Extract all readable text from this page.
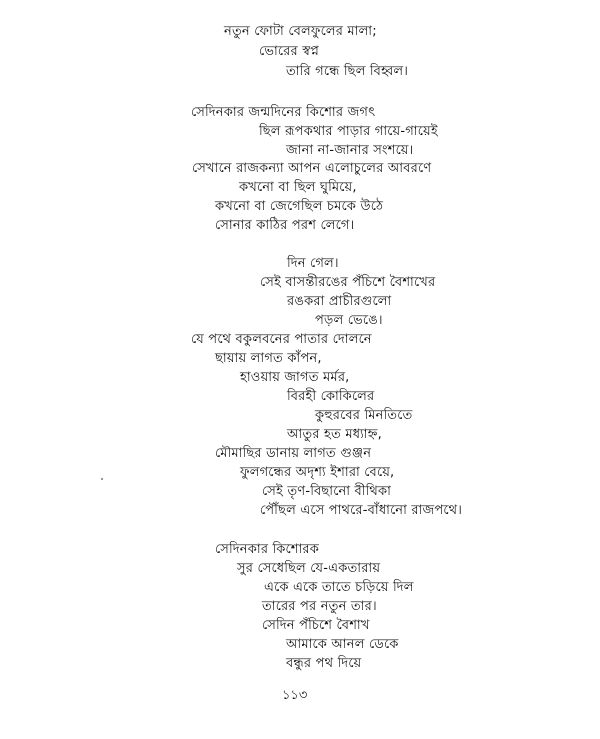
নতুন ফোটা বেলফুলের মালা;
ভোরের স্বপ্ন
তারি গন্ধে ছিল বিহ্বল।
সেদিনকার জন্মদিনের কিশোর জগৎ
ছিল রূপকথার পাড়ার গায়ে-গায়েই
জানা না-জানার সংশয়ে।
সেখানে রাজকন্যা আপন এলোচুলের আবরণে
কখনো বা ছিল ঘুমিয়ে,
কখনো বা জেগেছিল চমকে উঠে
সোনার কাঠির পরশ লেগে।
দিন গেল।
সেই বাসন্তীরঙের পঁচিশে বৈশাখের
রঙকরা প্রাচীরগুলো
পড়ল ভেঙে।
যে পথে বকুলবনের পাতার দোলনে
ছায়ায় লাগত কাঁপন,
হাওয়ায় জাগত মর্মর,
বিরহী কোকিলের
কুহুরবের মিনতিতে
আতুর হত মধ্যাহ্ন,
মৌমাছির ডানায় লাগত গুঞ্জন
ফুলগন্ধের অদৃশ্য ইশারা বেয়ে,
সেই তৃণ-বিছানো বীথিকা
পৌঁছল এসে পাথরে-বাঁধানো রাজপথে।
সেদিনকার কিশোরক
সুর সেধেছিল যে-একতারায়
একে একে তাতে চড়িয়ে দিল
তারের পর নতুন তার।
সেদিন পঁচিশে বৈশাখ
আমাকে আনল ডেকে
বন্ধুর পথ দিয়ে
১১৩
